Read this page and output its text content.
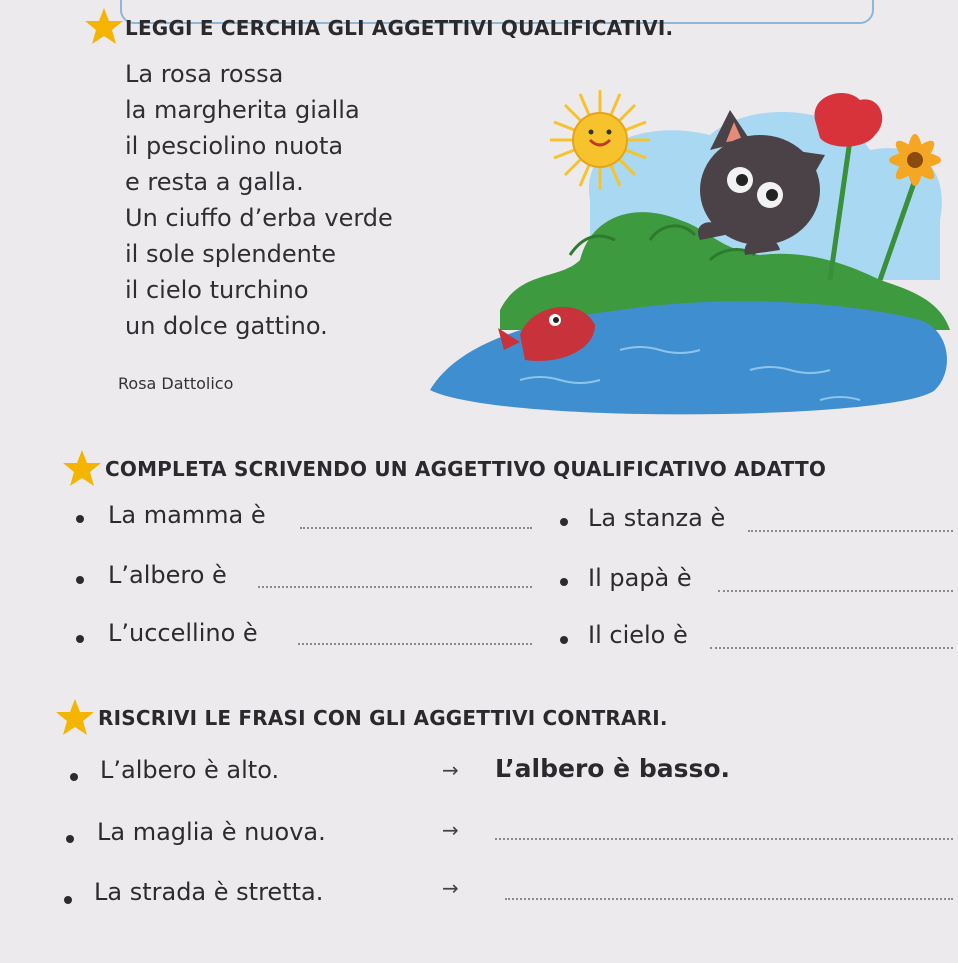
LEGGI E CERCHIA GLI AGGETTIVI QUALIFICATIVI.
La rosa rossa
la margherita gialla
il pesciolino nuota
e resta a galla.
Un ciuffo d’erba verde
il sole splendente
il cielo turchino
un dolce gattino.
Rosa Dattolico
COMPLETA SCRIVENDO UN AGGETTIVO QUALIFICATIVO ADATTO
La mamma è	La stanza è
L’albero è	Il papà è
L’uccellino è	Il cielo è
RISCRIVI LE FRASI CON GLI AGGETTIVI CONTRARI.
L’albero è alto.	→ L’albero è basso.
La maglia è nuova.	→
La strada è stretta.	→
